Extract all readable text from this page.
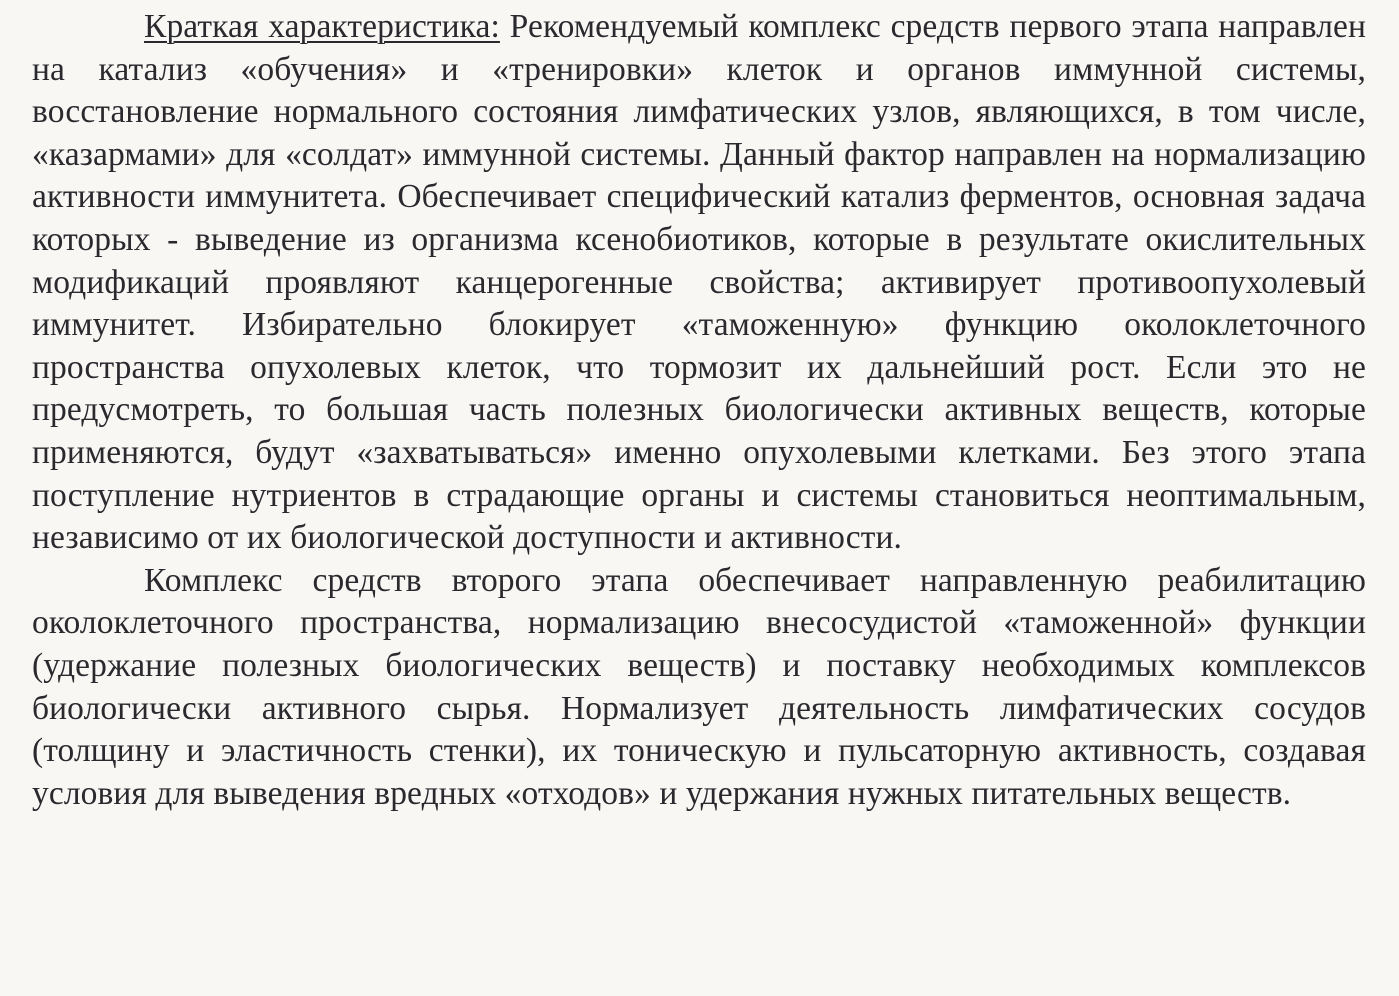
Краткая характеристика: Рекомендуемый комплекс средств первого этапа направлен на катализ «обучения» и «тренировки» клеток и органов иммунной системы, восстановление нормального состояния лимфатических узлов, являющихся, в том числе, «казармами» для «солдат» иммунной системы. Данный фактор направлен на нормализацию активности иммунитета. Обеспечивает специфический катализ ферментов, основная задача которых - выведение из организма ксенобиотиков, которые в результате окислительных модификаций проявляют канцерогенные свойства; активирует противоопухолевый иммунитет. Избирательно блокирует «таможенную» функцию околоклеточного пространства опухолевых клеток, что тормозит их дальнейший рост. Если это не предусмотреть, то большая часть полезных биологически активных веществ, которые применяются, будут «захватываться» именно опухолевыми клетками. Без этого этапа поступление нутриентов в страдающие органы и системы становиться неоптимальным, независимо от их биологической доступности и активности.

Комплекс средств второго этапа обеспечивает направленную реабилитацию околоклеточного пространства, нормализацию внесосудистой «таможенной» функции (удержание полезных биологических веществ) и поставку необходимых комплексов биологически активного сырья. Нормализует деятельность лимфатических сосудов (толщину и эластичность стенки), их тоническую и пульсаторную активность, создавая условия для выведения вредных «отходов» и удержания нужных питательных веществ.
